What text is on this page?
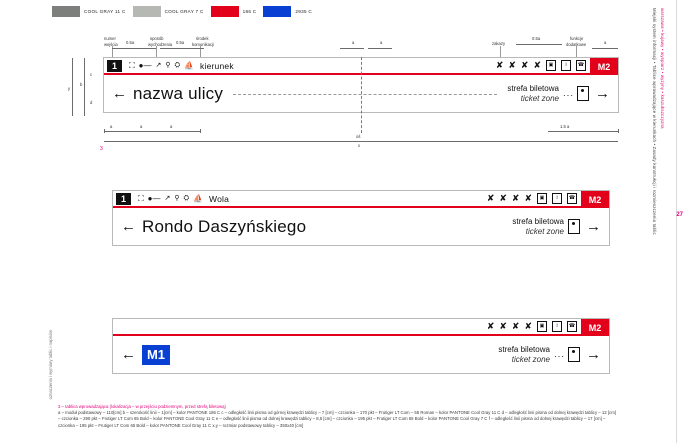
COOL GRAY 11 C	COOL GRAY 7 C	186 C	2935 C	warszawa • kujawy • wyspiarz • wyżyny • kaszubszczyzna
Miejski system informacji • Tablice wprowadzające w kierunkach • Zasady konstrukcji i rozmieszczenia tablic	27
oznaczenia i wymiary tablic i napisów
numer
wejścia
sposób
wychodzenia
środek
komunikacji	zakazy
funkcje
dodatkowe
0.5a	0.5a
0.5a
a	a	a
y
b
c
d
1	⛶ ●— ↗ ⚲ ⛭ ⛵ kierunek	✘ ✘ ✘ ✘	▣	i	☎	M2
← nazwa ulicy	strefa biletowa
ticket zone ․․․ →
oś
a	a	a	1.5 a
x
3
1	⛶ ●— ↗ ⚲ ⛭ ⛵ Wola	✘ ✘ ✘ ✘	▣	i	☎	M2
← Rondo Daszyńskiego	strefa biletowa
ticket zone →
✘ ✘ ✘ ✘	▣	i	☎	M2
← M1	strefa biletowa
ticket zone ․․․ →
3 – tablica wprowadzająca (lokalizacja – w przejściu podziemnym, przed strefą biletową)
a – moduł podstawowy – 110[cm] b – szerokość linii – 1[cm] – kolor PANTONE 186 C c – odległość linii pisma od górnej krawędzi tablicy – 7 [cm] – czcionka – 170 pkt – Frutiger LT Com – 55 Roman – kolor PANTONE Cool Gray 11 C d – odległość linii pisma od dolnej krawędzi tablicy – 12 [cm] – czcionka – 290 pkt – Frutiger LT Com 65 Bold – kolor PANTONE Cool Gray 11 C e – odległość linii pisma od dolnej krawędzi tablicy – 8,5 [cm] – czcionka – 195 pkt – Frutiger LT Com 65 Bold – kolor PANTONE Cool Gray 7 C f – odległość linii pisma od dolnej krawędzi tablicy – 17 [cm] – czcionka – 195 pkt – Frutiger LT Com 65 Bold – kolor PANTONE Cool Gray 11 C x,y – rozmiar podstawowy tablicy – 350x40 [cm]
